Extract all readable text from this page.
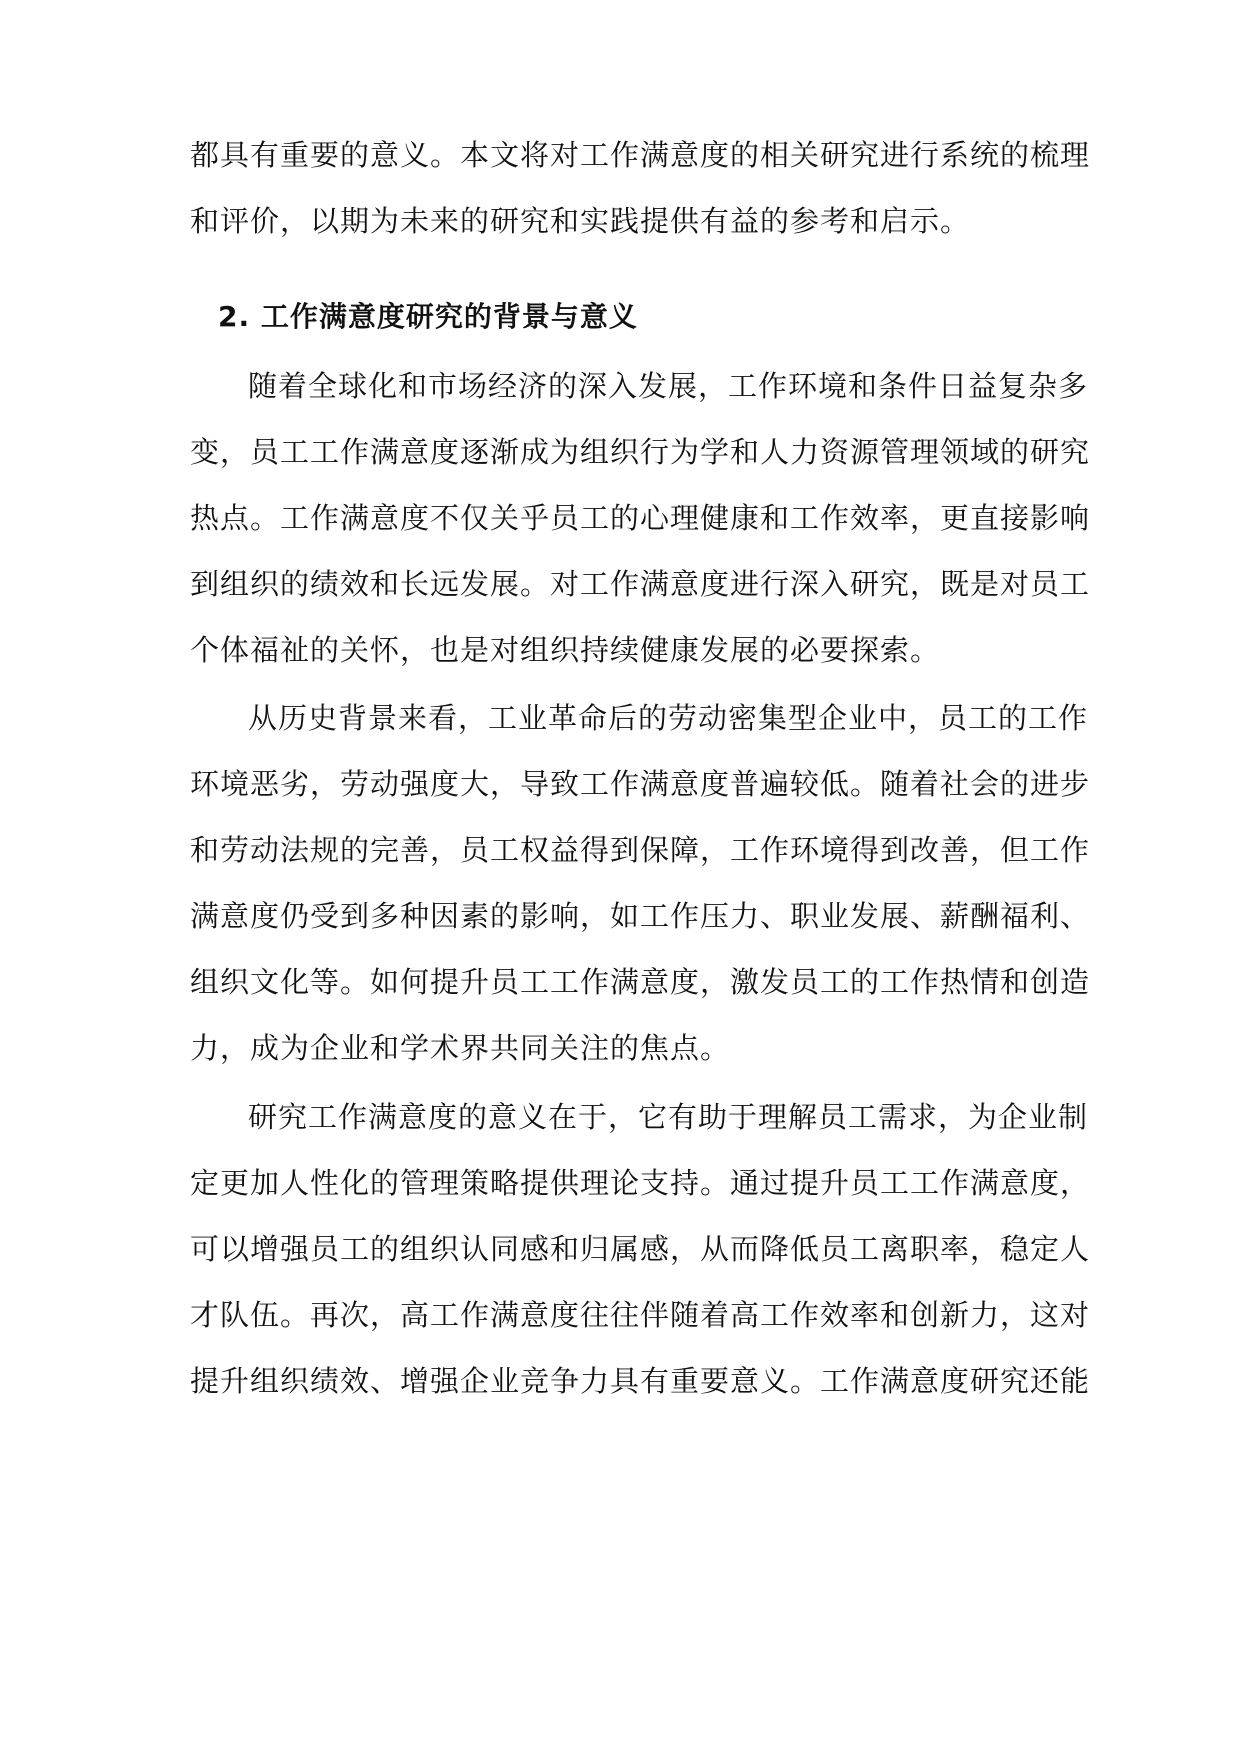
都具有重要的意义。本文将对工作满意度的相关研究进行系统的梳理
和评价，以期为未来的研究和实践提供有益的参考和启示。
2. 工作满意度研究的背景与意义
随着全球化和市场经济的深入发展，工作环境和条件日益复杂多
变，员工工作满意度逐渐成为组织行为学和人力资源管理领域的研究
热点。工作满意度不仅关乎员工的心理健康和工作效率，更直接影响
到组织的绩效和长远发展。对工作满意度进行深入研究，既是对员工
个体福祉的关怀，也是对组织持续健康发展的必要探索。
从历史背景来看，工业革命后的劳动密集型企业中，员工的工作
环境恶劣，劳动强度大，导致工作满意度普遍较低。随着社会的进步
和劳动法规的完善，员工权益得到保障，工作环境得到改善，但工作
满意度仍受到多种因素的影响，如工作压力、职业发展、薪酬福利、
组织文化等。如何提升员工工作满意度，激发员工的工作热情和创造
力，成为企业和学术界共同关注的焦点。
研究工作满意度的意义在于，它有助于理解员工需求，为企业制
定更加人性化的管理策略提供理论支持。通过提升员工工作满意度，
可以增强员工的组织认同感和归属感，从而降低员工离职率，稳定人
才队伍。再次，高工作满意度往往伴随着高工作效率和创新力，这对
提升组织绩效、增强企业竞争力具有重要意义。工作满意度研究还能
